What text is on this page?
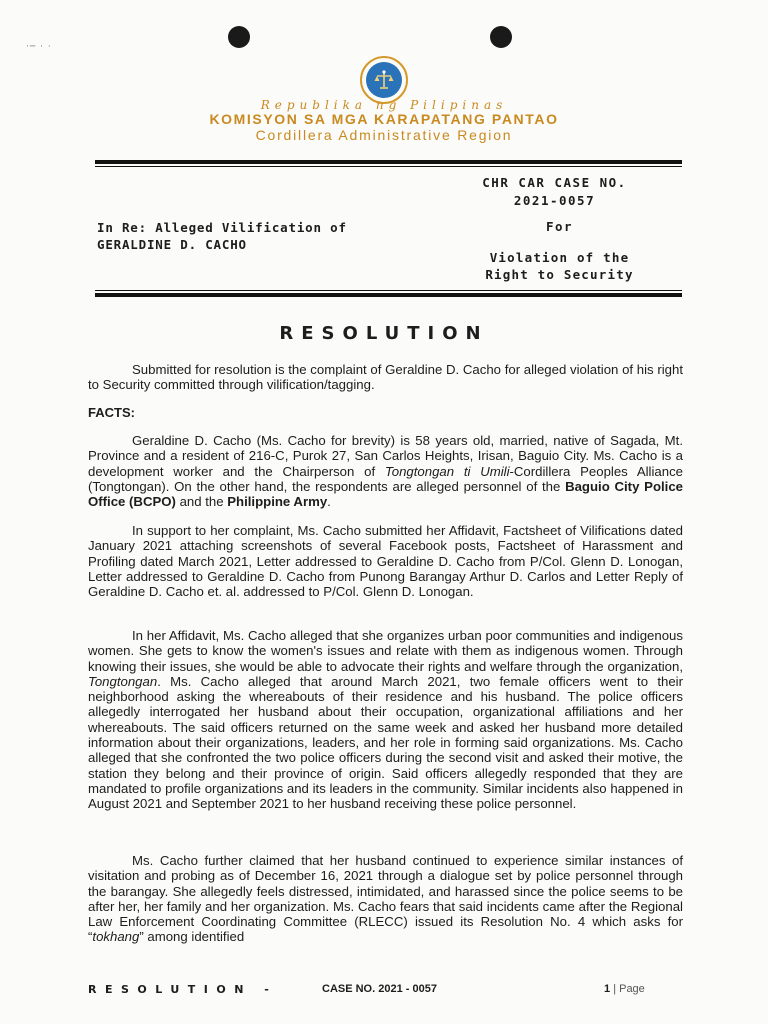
·─ · ·
Republika ng Pilipinas
KOMISYON SA MGA KARAPATANG PANTAO
Cordillera Administrative Region
CHR CAR CASE NO.
2021-0057
In Re: Alleged Vilification of
GERALDINE D. CACHO
For
Violation of the
Right to Security
RESOLUTION

Submitted for resolution is the complaint of Geraldine D. Cacho for alleged violation of his right to Security committed through vilification/tagging.

FACTS:

Geraldine D. Cacho (Ms. Cacho for brevity) is 58 years old, married, native of Sagada, Mt. Province and a resident of 216-C, Purok 27, San Carlos Heights, Irisan, Baguio City. Ms. Cacho is a development worker and the Chairperson of Tongtongan ti Umili-Cordillera Peoples Alliance (Tongtongan). On the other hand, the respondents are alleged personnel of the Baguio City Police Office (BCPO) and the Philippine Army.

In support to her complaint, Ms. Cacho submitted her Affidavit, Factsheet of Vilifications dated January 2021 attaching screenshots of several Facebook posts, Factsheet of Harassment and Profiling dated March 2021, Letter addressed to Geraldine D. Cacho from P/Col. Glenn D. Lonogan, Letter addressed to Geraldine D. Cacho from Punong Barangay Arthur D. Carlos and Letter Reply of Geraldine D. Cacho et. al. addressed to P/Col. Glenn D. Lonogan.

In her Affidavit, Ms. Cacho alleged that she organizes urban poor communities and indigenous women. She gets to know the women's issues and relate with them as indigenous women. Through knowing their issues, she would be able to advocate their rights and welfare through the organization, Tongtongan. Ms. Cacho alleged that around March 2021, two female officers went to their neighborhood asking the whereabouts of their residence and his husband. The police officers allegedly interrogated her husband about their occupation, organizational affiliations and her whereabouts. The said officers returned on the same week and asked her husband more detailed information about their organizations, leaders, and her role in forming said organizations. Ms. Cacho alleged that she confronted the two police officers during the second visit and asked their motive, the station they belong and their province of origin. Said officers allegedly responded that they are mandated to profile organizations and its leaders in the community. Similar incidents also happened in August 2021 and September 2021 to her husband receiving these police personnel.

Ms. Cacho further claimed that her husband continued to experience similar instances of visitation and probing as of December 16, 2021 through a dialogue set by police personnel through the barangay. She allegedly feels distressed, intimidated, and harassed since the police seems to be after her, her family and her organization. Ms. Cacho fears that said incidents came after the Regional Law Enforcement Coordinating Committee (RLECC) issued its Resolution No. 4 which asks for “tokhang” among identified

RESOLUTION -	CASE NO. 2021 - 0057	1 | Page
